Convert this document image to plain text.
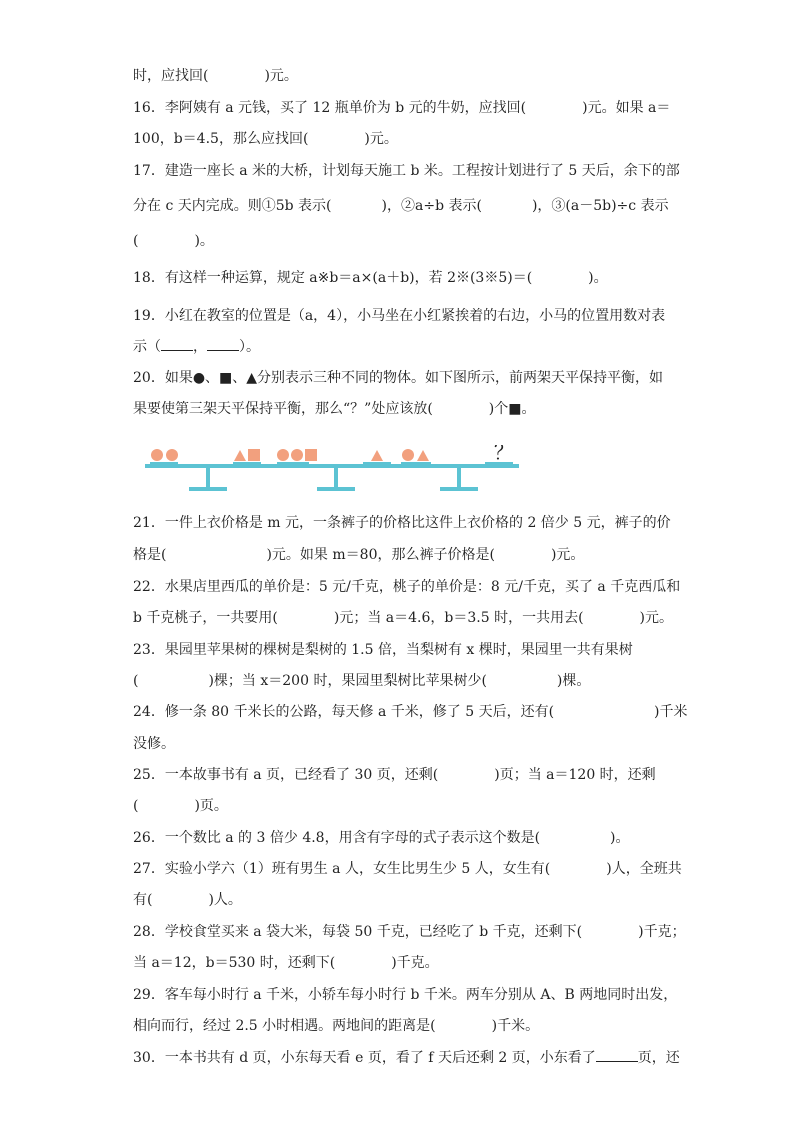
时，应找回(	)元。
16．李阿姨有 a 元钱，买了 12 瓶单价为 b 元的牛奶，应找回(	)元。如果 a＝
100，b＝4.5，那么应找回(	)元。
17．建造一座长 a 米的大桥，计划每天施工 b 米。工程按计划进行了 5 天后，余下的部
分在 c 天内完成。则①5b 表示(	)，②a÷b 表示(	)，③(a－5b)÷c 表示
(	)。
18．有这样一种运算，规定 a※b＝a×(a＋b)，若 2※(3※5)＝(	)。
19．小红在教室的位置是（a，4），小马坐在小红紧挨着的右边，小马的位置用数对表
示（ ， ）。
20．如果●、■、▲分别表示三种不同的物体。如下图所示，前两架天平保持平衡，如
果要使第三架天平保持平衡，那么“？”处应该放(	)个■。
？
21．一件上衣价格是 m 元，一条裤子的价格比这件上衣价格的 2 倍少 5 元，裤子的价
格是(	)元。如果 m＝80，那么裤子价格是(	)元。
22．水果店里西瓜的单价是：5 元/千克，桃子的单价是：8 元/千克，买了 a 千克西瓜和
b 千克桃子，一共要用(	)元；当 a＝4.6，b＝3.5 时，一共用去(	)元。
23．果园里苹果树的棵树是梨树的 1.5 倍，当梨树有 x 棵时，果园里一共有果树
(	)棵；当 x＝200 时，果园里梨树比苹果树少(	)棵。
24．修一条 80 千米长的公路，每天修 a 千米，修了 5 天后，还有(	)千米
没修。
25．一本故事书有 a 页，已经看了 30 页，还剩(	)页；当 a＝120 时，还剩
(	)页。
26．一个数比 a 的 3 倍少 4.8，用含有字母的式子表示这个数是(	)。
27．实验小学六（1）班有男生 a 人，女生比男生少 5 人，女生有(	)人，全班共
有(	)人。
28．学校食堂买来 a 袋大米，每袋 50 千克，已经吃了 b 千克，还剩下(	)千克；
当 a＝12，b＝530 时，还剩下(	)千克。
29．客车每小时行 a 千米，小轿车每小时行 b 千米。两车分别从 A、B 两地同时出发，
相向而行，经过 2.5 小时相遇。两地间的距离是(	)千米。
30．一本书共有 d 页，小东每天看 e 页，看了 f 天后还剩 2 页，小东看了	页，还
